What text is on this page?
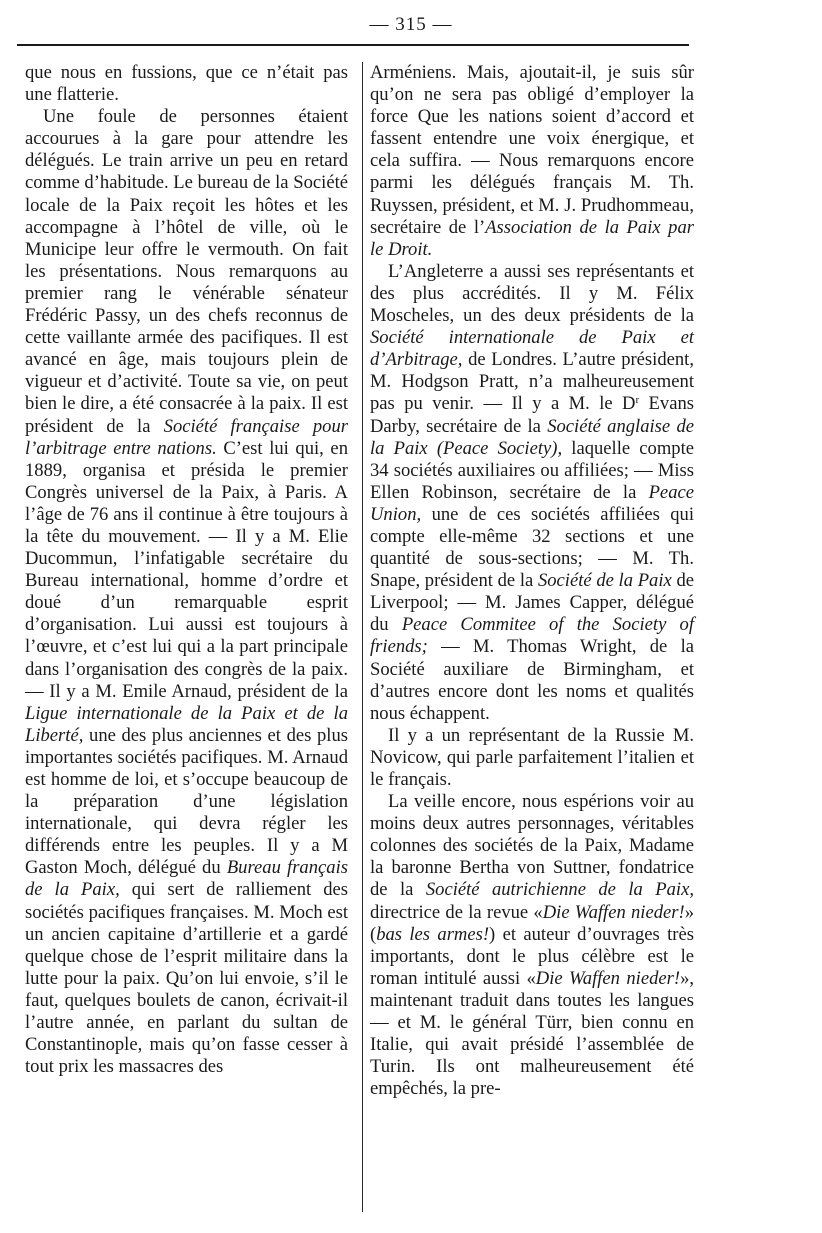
— 315 —

que nous en fussions, que ce n’était pas une flatterie.

Une foule de personnes étaient accourues à la gare pour attendre les délégués. Le train arrive un peu en retard comme d’habitude. Le bureau de la Société locale de la Paix reçoit les hôtes et les accompagne à l’hôtel de ville, où le Municipe leur offre le vermouth. On fait les présentations. Nous remarquons au premier rang le vénérable sénateur Frédéric Passy, un des chefs reconnus de cette vaillante armée des pacifiques. Il est avancé en âge, mais toujours plein de vigueur et d’activité. Toute sa vie, on peut bien le dire, a été consacrée à la paix. Il est président de la Société française pour l’arbitrage entre nations. C’est lui qui, en 1889, organisa et présida le premier Congrès universel de la Paix, à Paris. A l’âge de 76 ans il continue à être toujours à la tête du mouvement. — Il y a M. Elie Ducommun, l’infatigable secrétaire du Bureau international, homme d’ordre et doué d’un remarquable esprit d’organisation. Lui aussi est toujours à l’œuvre, et c’est lui qui a la part principale dans l’organisation des congrès de la paix. — Il y a M. Emile Arnaud, président de la Ligue internationale de la Paix et de la Liberté, une des plus anciennes et des plus importantes sociétés pacifiques. M. Arnaud est homme de loi, et s’occupe beaucoup de la préparation d’une législation internationale, qui devra régler les différends entre les peuples. Il y a M Gaston Moch, délégué du Bureau français de la Paix, qui sert de ralliement des sociétés pacifiques françaises. M. Moch est un ancien capitaine d’artillerie et a gardé quelque chose de l’esprit militaire dans la lutte pour la paix. Qu’on lui envoie, s’il le faut, quelques boulets de canon, écrivait-il l’autre année, en parlant du sultan de Constantinople, mais qu’on fasse cesser à tout prix les massacres des

Arméniens. Mais, ajoutait-il, je suis sûr qu’on ne sera pas obligé d’employer la force Que les nations soient d’accord et fassent entendre une voix énergique, et cela suffira. — Nous remarquons encore parmi les délégués français M. Th. Ruyssen, président, et M. J. Prudhommeau, secrétaire de l’Association de la Paix par le Droit.

L’Angleterre a aussi ses représentants et des plus accrédités. Il y M. Félix Moscheles, un des deux présidents de la Société internationale de Paix et d’Arbitrage, de Londres. L’autre président, M. Hodgson Pratt, n’a malheureusement pas pu venir. — Il y a M. le $D^r$ Evans Darby, secrétaire de la Société anglaise de la Paix (Peace Society), laquelle compte 34 sociétés auxiliaires ou affiliées; — Miss Ellen Robinson, secrétaire de la Peace Union, une de ces sociétés affiliées qui compte elle-même 32 sections et une quantité de sous-sections; — M. Th. Snape, président de la Société de la Paix de Liverpool; — M. James Capper, délégué du Peace Commitee of the Society of friends; — M. Thomas Wright, de la Société auxiliare de Birmingham, et d’autres encore dont les noms et qualités nous échappent.

Il y a un représentant de la Russie M. Novicow, qui parle parfaitement l’italien et le français.

La veille encore, nous espérions voir au moins deux autres personnages, véritables colonnes des sociétés de la Paix, Madame la baronne Bertha von Suttner, fondatrice de la Société autrichienne de la Paix, directrice de la revue «Die Waffen nieder!» (bas les armes!) et auteur d’ouvrages très importants, dont le plus célèbre est le roman intitulé aussi «Die Waffen nieder!», maintenant traduit dans toutes les langues — et M. le général Türr, bien connu en Italie, qui avait présidé l’assemblée de Turin. Ils ont malheureusement été empêchés, la pre-
